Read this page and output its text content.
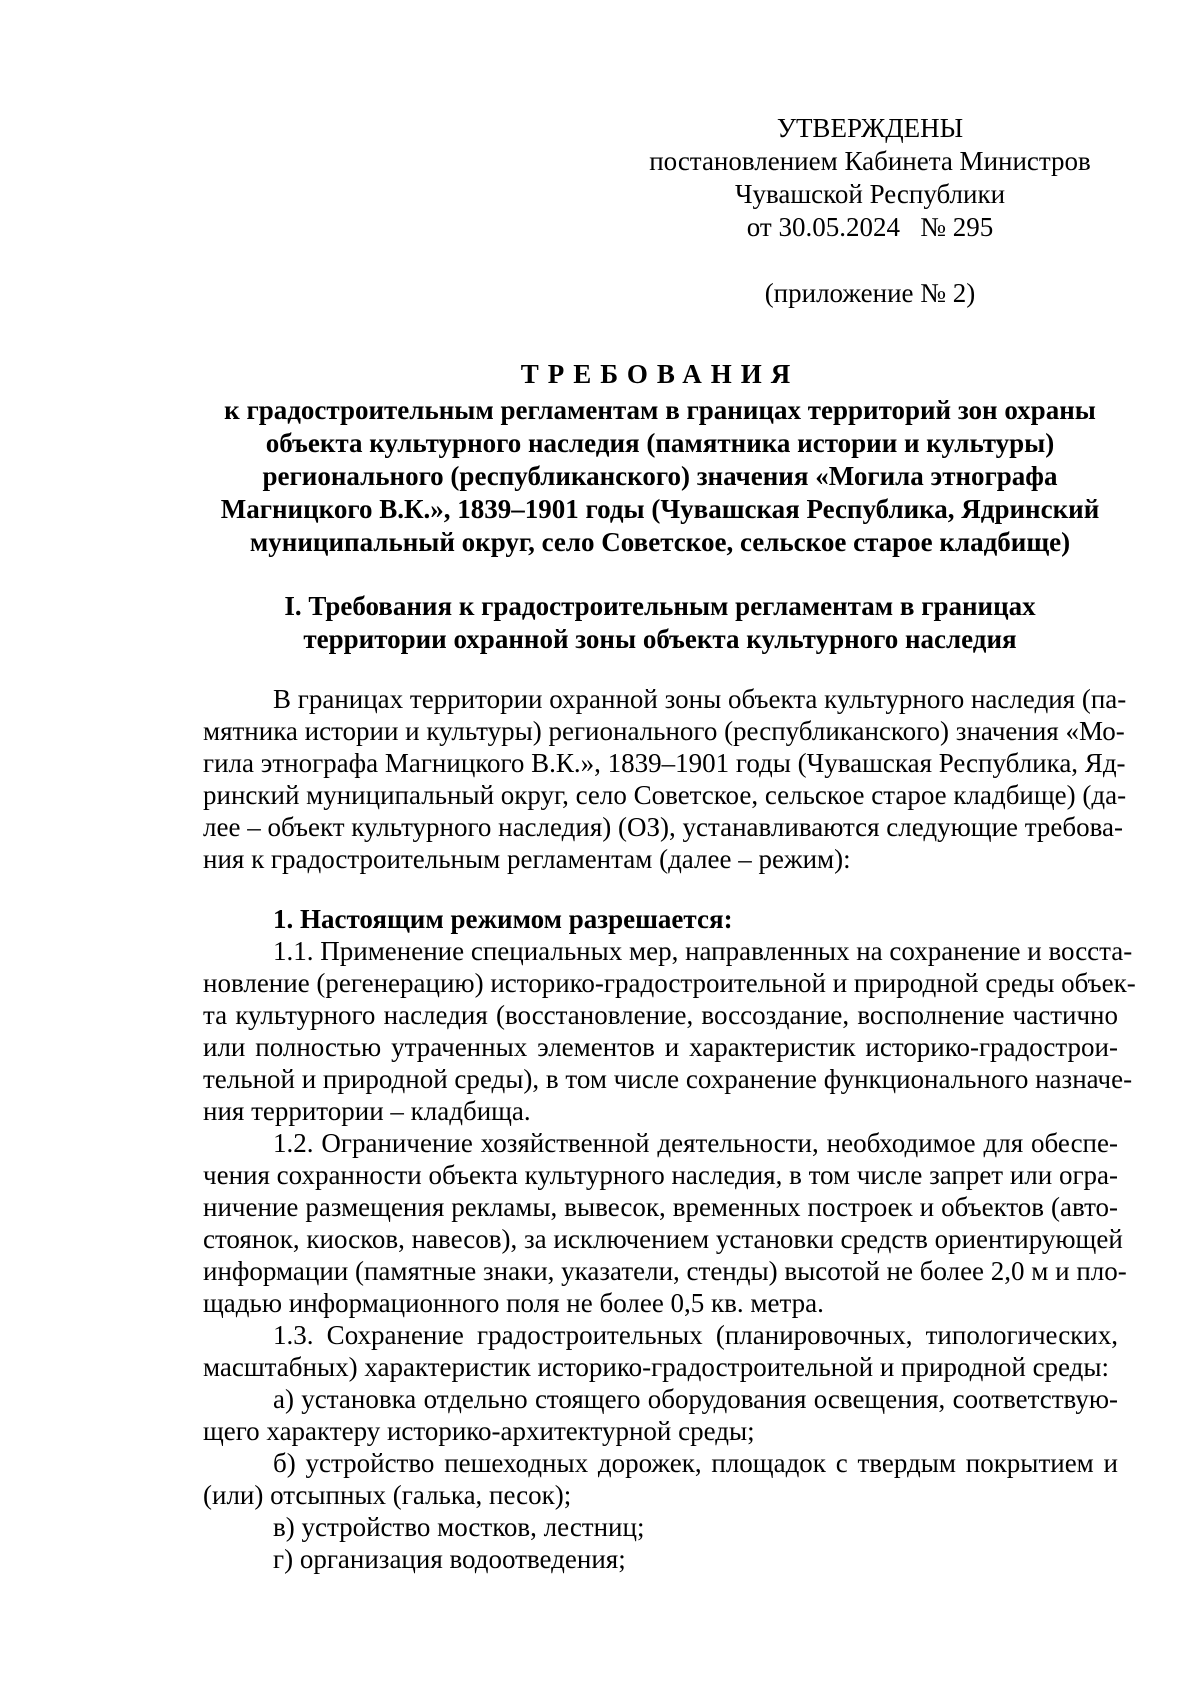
УТВЕРЖДЕНЫ
постановлением Кабинета Министров
Чувашской Республики
от 30.05.2024   № 295
(приложение № 2)
ТРЕБОВАНИЯ
к градостроительным регламентам в границах территорий зон охраны
объекта культурного наследия (памятника истории и культуры)
регионального (республиканского) значения «Могила этнографа
Магницкого В.К.», 1839–1901 годы (Чувашская Республика, Ядринский
муниципальный округ, село Советское, сельское старое кладбище)
I. Требования к градостроительным регламентам в границах
территории охранной зоны объекта культурного наследия
В границах территории охранной зоны объекта культурного наследия (па-
мятника истории и культуры) регионального (республиканского) значения «Мо-
гила этнографа Магницкого В.К.», 1839–1901 годы (Чувашская Республика, Яд-
ринский муниципальный округ, село Советское, сельское старое кладбище) (да-
лее – объект культурного наследия) (ОЗ), устанавливаются следующие требова-
ния к градостроительным регламентам (далее – режим):
1. Настоящим режимом разрешается:
1.1. Применение специальных мер, направленных на сохранение и восста-
новление (регенерацию) историко-градостроительной и природной среды объек-
та культурного наследия (восстановление, воссоздание, восполнение частично
или полностью утраченных элементов и характеристик историко-градострои-
тельной и природной среды), в том числе сохранение функционального назначе-
ния территории – кладбища.
1.2. Ограничение хозяйственной деятельности, необходимое для обеспе-
чения сохранности объекта культурного наследия, в том числе запрет или огра-
ничение размещения рекламы, вывесок, временных построек и объектов (авто-
стоянок, киосков, навесов), за исключением установки средств ориентирующей
информации (памятные знаки, указатели, стенды) высотой не более 2,0 м и пло-
щадью информационного поля не более 0,5 кв. метра.
1.3. Сохранение градостроительных (планировочных, типологических,
масштабных) характеристик историко-градостроительной и природной среды:
а) установка отдельно стоящего оборудования освещения, соответствую-
щего характеру историко-архитектурной среды;
б) устройство пешеходных дорожек, площадок с твердым покрытием и
(или) отсыпных (галька, песок);
в) устройство мостков, лестниц;
г) организация водоотведения;
